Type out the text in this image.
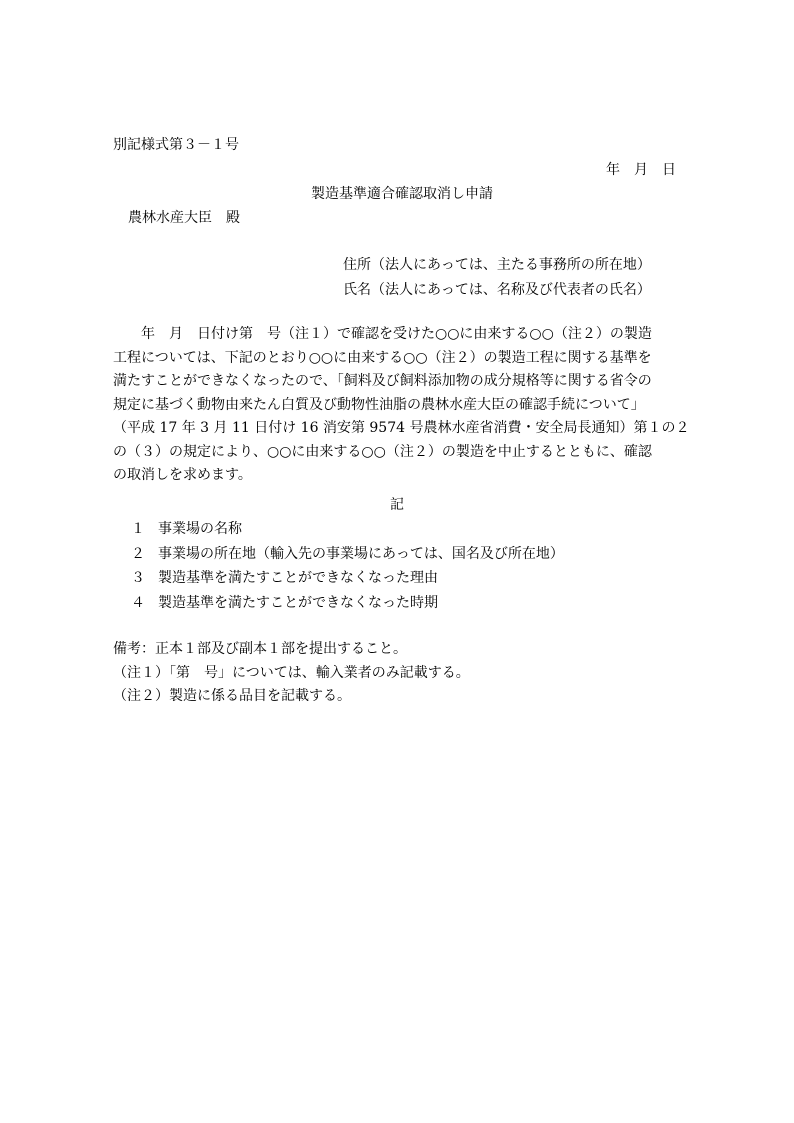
別記様式第３－１号
年　月　日
製造基準適合確認取消し申請
農林水産大臣　殿
住所（法人にあっては、主たる事務所の所在地）
氏名（法人にあっては、名称及び代表者の氏名）
　　年　月　日付け第　号（注１）で確認を受けた○○に由来する○○（注２）の製造
工程については、下記のとおり○○に由来する○○（注２）の製造工程に関する基準を
満たすことができなくなったので、「飼料及び飼料添加物の成分規格等に関する省令の
規定に基づく動物由来たん白質及び動物性油脂の農林水産大臣の確認手続について」
（平成 17 年 3 月 11 日付け 16 消安第 9574 号農林水産省消費・安全局長通知）第１の２
の（３）の規定により、○○に由来する○○（注２）の製造を中止するとともに、確認
の取消しを求めます。
記
１ 事業場の名称
２ 事業場の所在地（輸入先の事業場にあっては、国名及び所在地）
３ 製造基準を満たすことができなくなった理由
４ 製造基準を満たすことができなくなった時期
備考：正本１部及び副本１部を提出すること。
（注１）「第　号」については、輸入業者のみ記載する。
（注２）製造に係る品目を記載する。
